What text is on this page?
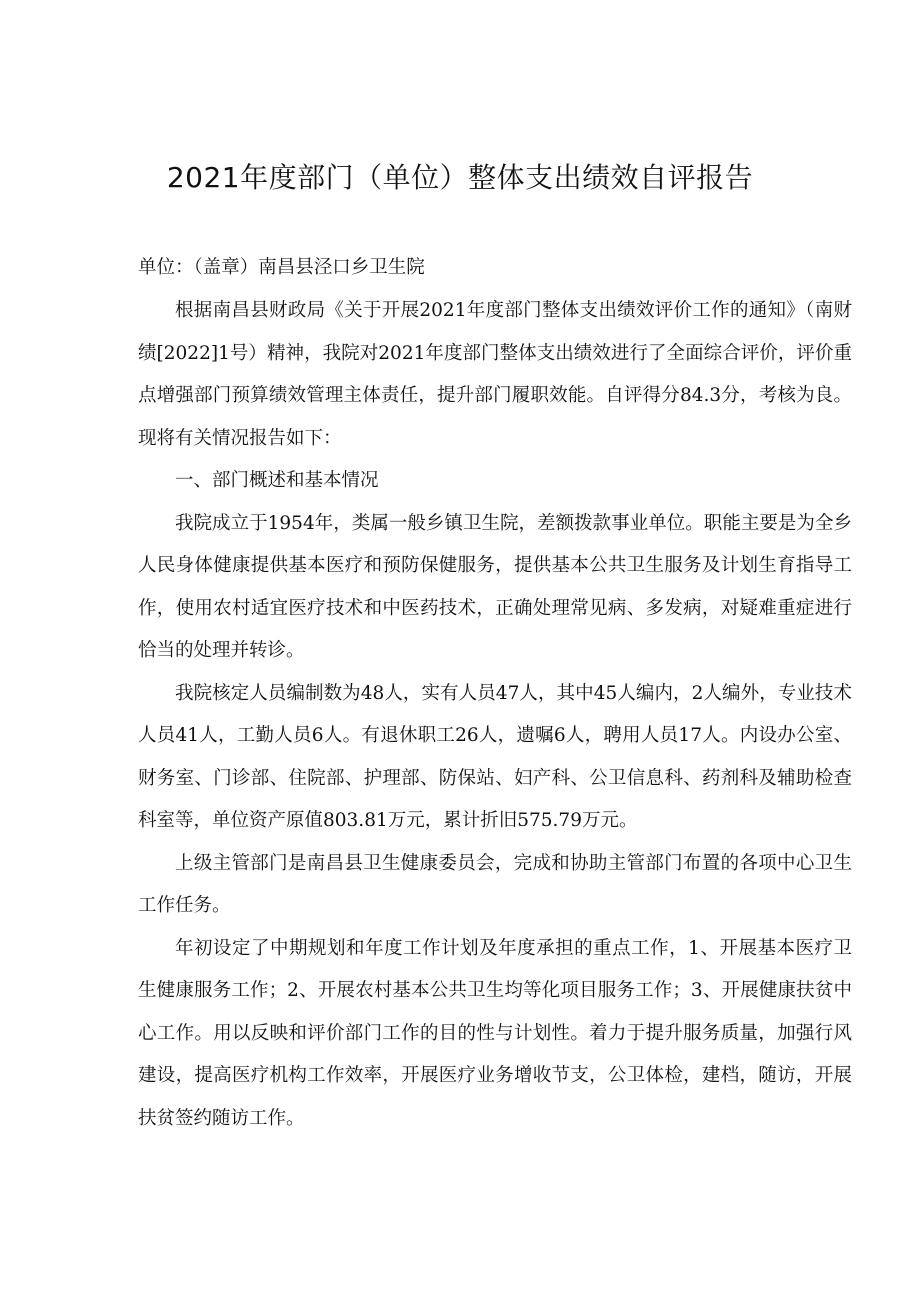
2021年度部门（单位）整体支出绩效自评报告
单位：（盖章）南昌县泾口乡卫生院

根据南昌县财政局《关于开展2021年度部门整体支出绩效评价工作的通知》（南财绩[2022]1号）精神，我院对2021年度部门整体支出绩效进行了全面综合评价，评价重点增强部门预算绩效管理主体责任，提升部门履职效能。自评得分84.3分，考核为良。现将有关情况报告如下：

一、部门概述和基本情况

我院成立于1954年，类属一般乡镇卫生院，差额拨款事业单位。职能主要是为全乡人民身体健康提供基本医疗和预防保健服务，提供基本公共卫生服务及计划生育指导工作，使用农村适宜医疗技术和中医药技术，正确处理常见病、多发病，对疑难重症进行恰当的处理并转诊。

我院核定人员编制数为48人，实有人员47人，其中45人编内，2人编外，专业技术人员41人，工勤人员6人。有退休职工26人，遗嘱6人，聘用人员17人。内设办公室、财务室、门诊部、住院部、护理部、防保站、妇产科、公卫信息科、药剂科及辅助检查科室等，单位资产原值803.81万元，累计折旧575.79万元。

上级主管部门是南昌县卫生健康委员会，完成和协助主管部门布置的各项中心卫生工作任务。

年初设定了中期规划和年度工作计划及年度承担的重点工作，1、开展基本医疗卫生健康服务工作；2、开展农村基本公共卫生均等化项目服务工作；3、开展健康扶贫中心工作。用以反映和评价部门工作的目的性与计划性。着力于提升服务质量，加强行风建设，提高医疗机构工作效率，开展医疗业务增收节支，公卫体检，建档，随访，开展扶贫签约随访工作。
